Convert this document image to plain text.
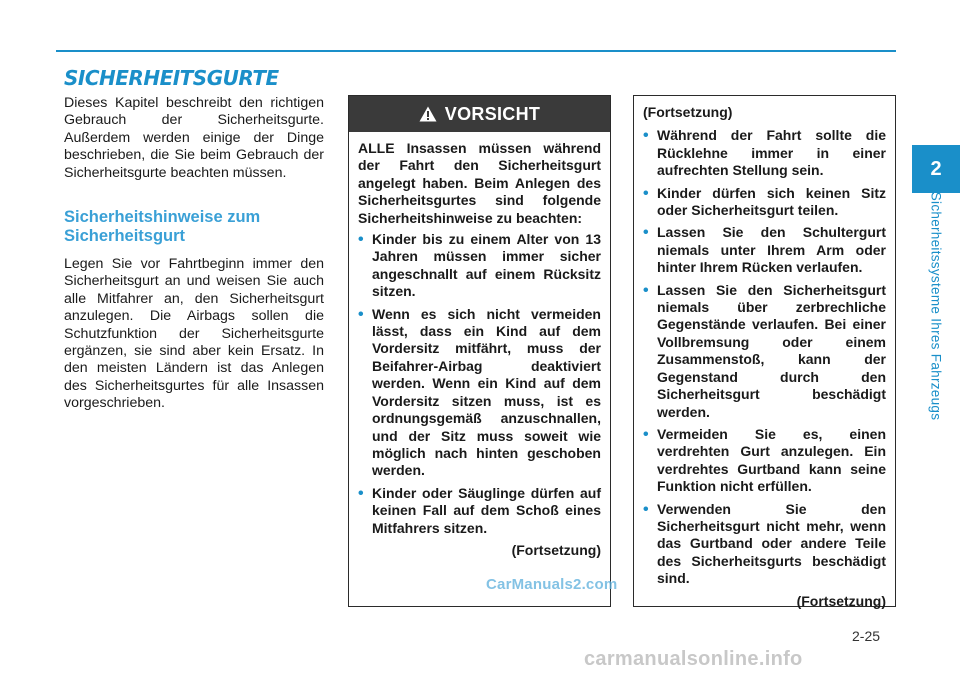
SICHERHEITSGURTE

Dieses Kapitel beschreibt den richtigen Gebrauch der Sicherheitsgurte. Außerdem werden einige der Dinge beschrieben, die Sie beim Gebrauch der Sicherheitsgurte beachten müssen.

Sicherheitshinweise zum Sicherheitsgurt

Legen Sie vor Fahrtbeginn immer den Sicherheitsgurt an und weisen Sie auch alle Mitfahrer an, den Sicherheitsgurt anzulegen. Die Airbags sollen die Schutzfunktion der Sicherheitsgurte ergänzen, sie sind aber kein Ersatz. In den meisten Ländern ist das Anlegen des Sicherheitsgurtes für alle Insassen vorgeschrieben.

VORSICHT

ALLE Insassen müssen während der Fahrt den Sicherheitsgurt angelegt haben. Beim Anlegen des Sicherheitsgurtes sind folgende Sicherheitshinweise zu beachten:

• Kinder bis zu einem Alter von 13 Jahren müssen immer sicher angeschnallt auf einem Rücksitz sitzen.
• Wenn es sich nicht vermeiden lässt, dass ein Kind auf dem Vordersitz mitfährt, muss der Beifahrer-Airbag deaktiviert werden. Wenn ein Kind auf dem Vordersitz sitzen muss, ist es ordnungsgemäß anzuschnallen, und der Sitz muss soweit wie möglich nach hinten geschoben werden.
• Kinder oder Säuglinge dürfen auf keinen Fall auf dem Schoß eines Mitfahrers sitzen.

(Fortsetzung)

CarManuals2.com

(Fortsetzung)

• Während der Fahrt sollte die Rücklehne immer in einer aufrechten Stellung sein.
• Kinder dürfen sich keinen Sitz oder Sicherheitsgurt teilen.
• Lassen Sie den Schultergurt niemals unter Ihrem Arm oder hinter Ihrem Rücken verlaufen.
• Lassen Sie den Sicherheitsgurt niemals über zerbrechliche Gegenstände verlaufen. Bei einer Vollbremsung oder einem Zusammenstoß, kann der Gegenstand durch den Sicherheitsgurt beschädigt werden.
• Vermeiden Sie es, einen verdrehten Gurt anzulegen. Ein verdrehtes Gurtband kann seine Funktion nicht erfüllen.
• Verwenden Sie den Sicherheitsgurt nicht mehr, wenn das Gurtband oder andere Teile des Sicherheitsgurts beschädigt sind.

(Fortsetzung)

2
Sicherheitssysteme Ihres Fahrzeugs
2-25
carmanualsonline.info
